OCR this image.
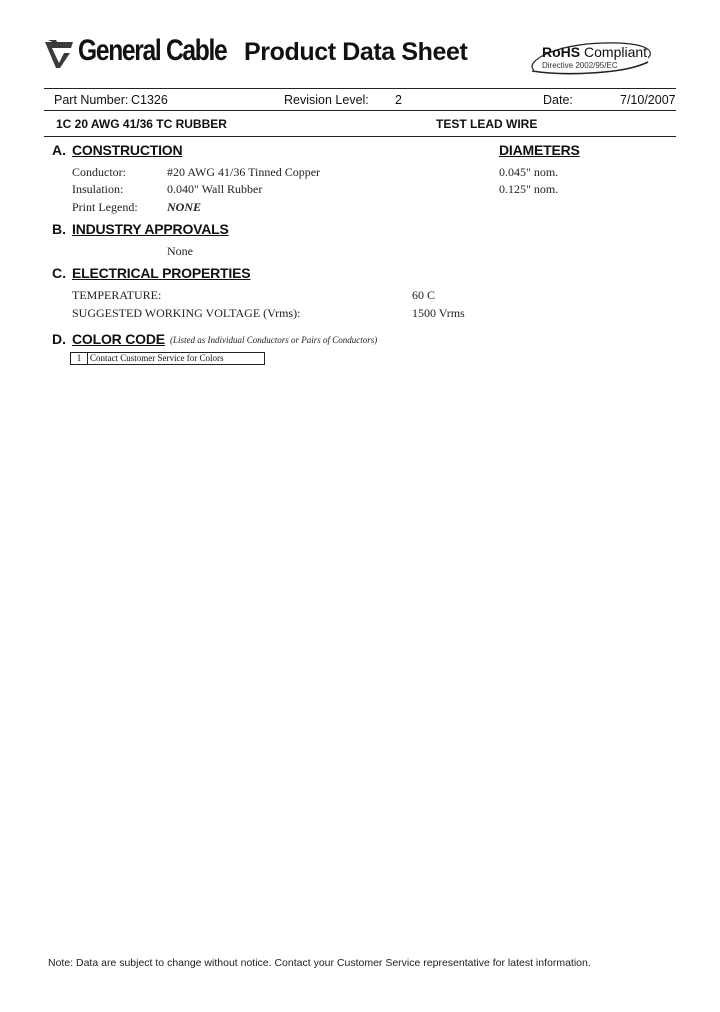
General Cable Product Data Sheet	RoHS Compliant
Directive 2002/95/EC
Part Number: C1326	Revision Level: 2	Date:	7/10/2007
1C 20 AWG 41/36 TC RUBBER	TEST LEAD WIRE
A. CONSTRUCTION	DIAMETERS
Conductor:	#20 AWG 41/36 Tinned Copper	0.045" nom.
Insulation:	0.040" Wall Rubber	0.125" nom.
Print Legend: NONE
B. INDUSTRY APPROVALS
None
C. ELECTRICAL PROPERTIES
TEMPERATURE:	60 C
SUGGESTED WORKING VOLTAGE (Vrms):	1500 Vrms
D. COLOR CODE (Listed as Individual Conductors or Pairs of Conductors)
1 Contact Customer Service for Colors
Note: Data are subject to change without notice. Contact your Customer Service representative for latest information.
